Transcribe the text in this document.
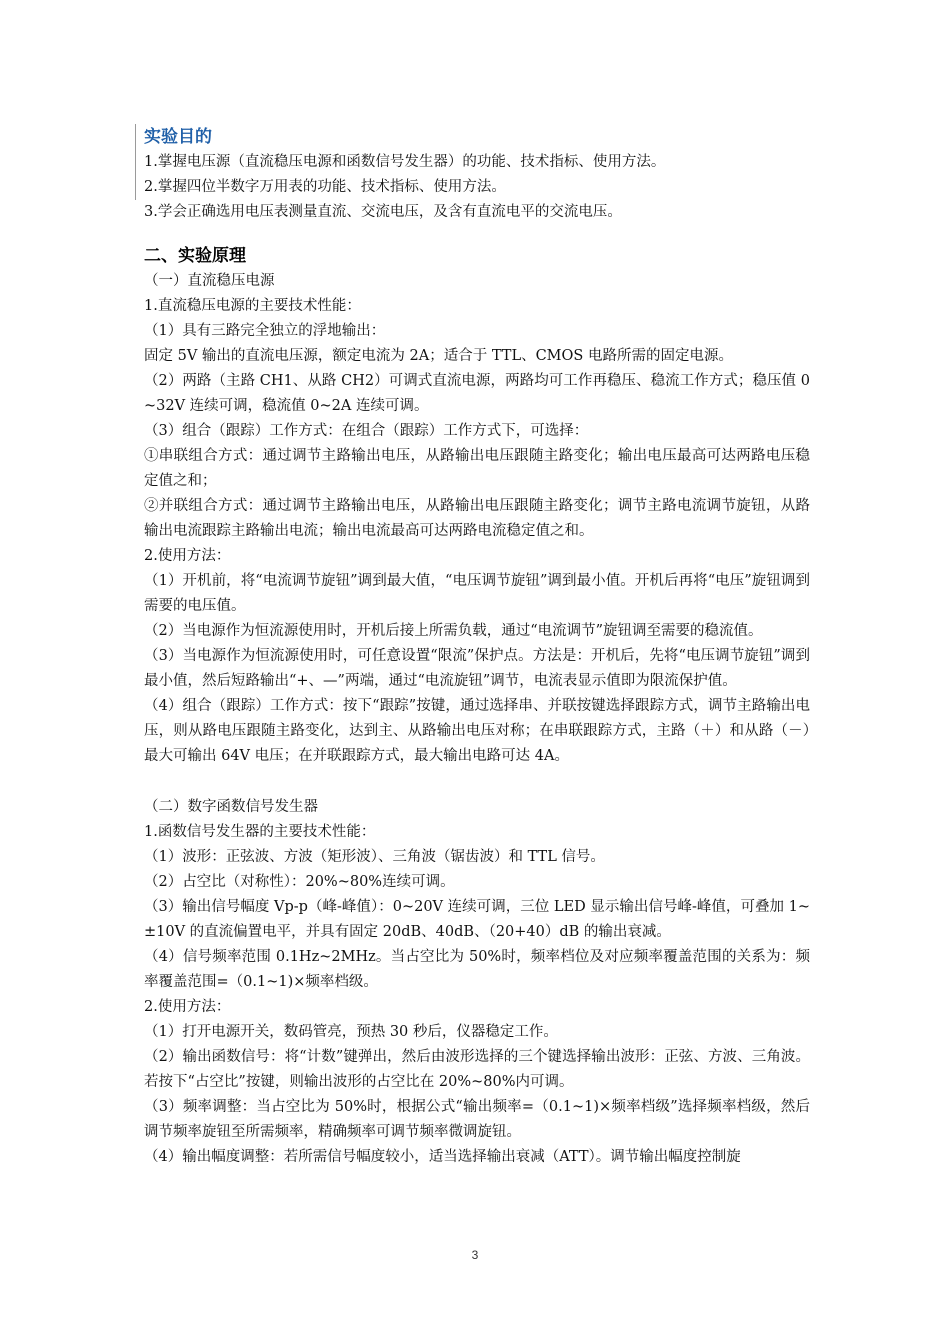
实验目的

1.掌握电压源（直流稳压电源和函数信号发生器）的功能、技术指标、使用方法。

2.掌握四位半数字万用表的功能、技术指标、使用方法。

3.学会正确选用电压表测量直流、交流电压，及含有直流电平的交流电压。

二、实验原理

（一）直流稳压电源

1.直流稳压电源的主要技术性能：

（1）具有三路完全独立的浮地输出：

固定 5V 输出的直流电压源，额定电流为 2A；适合于 TTL、CMOS 电路所需的固定电源。

（2）两路（主路 CH1、从路 CH2）可调式直流电源，两路均可工作再稳压、稳流工作方式；稳压值 0~32V 连续可调，稳流值 0~2A 连续可调。

（3）组合（跟踪）工作方式：在组合（跟踪）工作方式下，可选择：

①串联组合方式：通过调节主路输出电压，从路输出电压跟随主路变化；输出电压最高可达两路电压稳定值之和；

②并联组合方式：通过调节主路输出电压，从路输出电压跟随主路变化；调节主路电流调节旋钮，从路输出电流跟踪主路输出电流；输出电流最高可达两路电流稳定值之和。

2.使用方法：

（1）开机前，将“电流调节旋钮”调到最大值，“电压调节旋钮”调到最小值。开机后再将“电压”旋钮调到需要的电压值。

（2）当电源作为恒流源使用时，开机后接上所需负载，通过“电流调节”旋钮调至需要的稳流值。

（3）当电源作为恒流源使用时，可任意设置“限流”保护点。方法是：开机后，先将“电压调节旋钮”调到最小值，然后短路输出“+、—”两端，通过“电流旋钮”调节，电流表显示值即为限流保护值。

（4）组合（跟踪）工作方式：按下“跟踪”按键，通过选择串、并联按键选择跟踪方式，调节主路输出电压，则从路电压跟随主路变化，达到主、从路输出电压对称；在串联跟踪方式，主路（＋）和从路（－）最大可输出 64V 电压；在并联跟踪方式，最大输出电路可达 4A。

（二）数字函数信号发生器

1.函数信号发生器的主要技术性能：

（1）波形：正弦波、方波（矩形波）、三角波（锯齿波）和 TTL 信号。

（2）占空比（对称性）：20%~80%连续可调。

（3）输出信号幅度 Vp-p（峰-峰值）：0~20V 连续可调，三位 LED 显示输出信号峰-峰值，可叠加 1~±10V 的直流偏置电平，并具有固定 20dB、40dB、（20+40）dB 的输出衰减。

（4）信号频率范围 0.1Hz~2MHz。当占空比为 50%时，频率档位及对应频率覆盖范围的关系为：频率覆盖范围=（0.1~1)×频率档级。

2.使用方法：

（1）打开电源开关，数码管亮，预热 30 秒后，仪器稳定工作。

（2）输出函数信号：将“计数”键弹出，然后由波形选择的三个键选择输出波形：正弦、方波、三角波。若按下“占空比”按键，则输出波形的占空比在 20%~80%内可调。

（3）频率调整：当占空比为 50%时，根据公式“输出频率=（0.1~1)×频率档级”选择频率档级，然后调节频率旋钮至所需频率，精确频率可调节频率微调旋钮。

（4）输出幅度调整：若所需信号幅度较小，适当选择输出衰减（ATT）。调节输出幅度控制旋

3
